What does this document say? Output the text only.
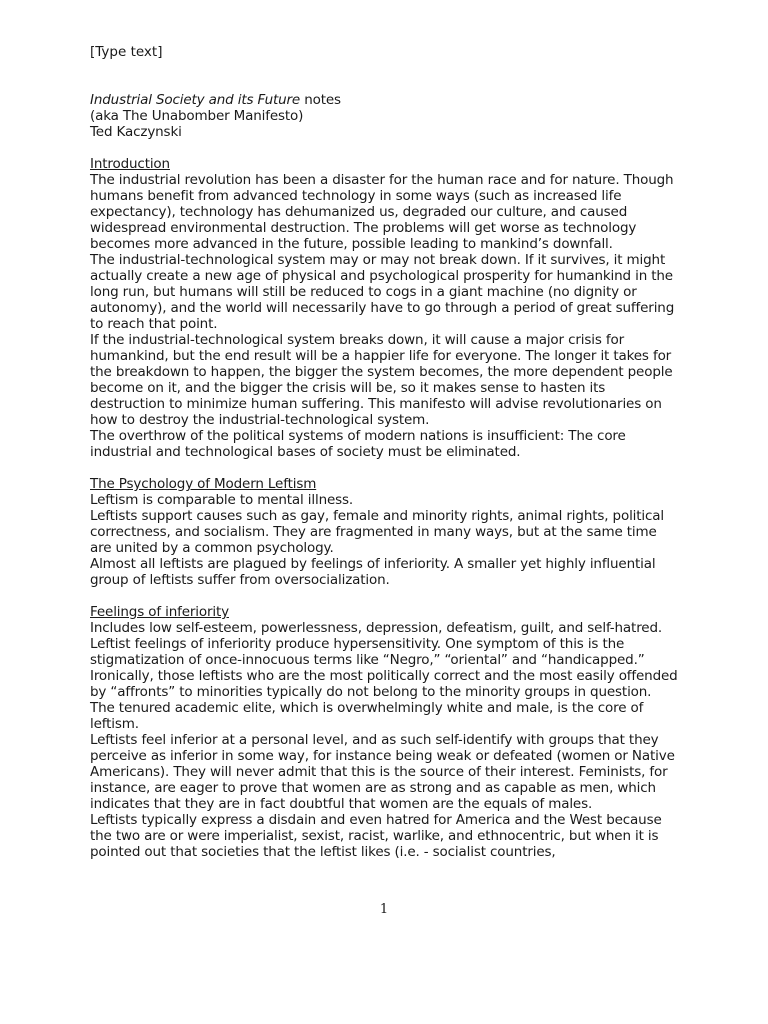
[Type text]

Industrial Society and its Future notes

(aka The Unabomber Manifesto)

Ted Kaczynski

Introduction

The industrial revolution has been a disaster for the human race and for nature. Though humans benefit from advanced technology in some ways (such as increased life expectancy), technology has dehumanized us, degraded our culture, and caused widespread environmental destruction. The problems will get worse as technology becomes more advanced in the future, possible leading to mankind’s downfall.

The industrial-technological system may or may not break down. If it survives, it might actually create a new age of physical and psychological prosperity for humankind in the long run, but humans will still be reduced to cogs in a giant machine (no dignity or autonomy), and the world will necessarily have to go through a period of great suffering to reach that point.

If the industrial-technological system breaks down, it will cause a major crisis for humankind, but the end result will be a happier life for everyone. The longer it takes for the breakdown to happen, the bigger the system becomes, the more dependent people become on it, and the bigger the crisis will be, so it makes sense to hasten its destruction to minimize human suffering. This manifesto will advise revolutionaries on how to destroy the industrial-technological system.

The overthrow of the political systems of modern nations is insufficient: The core industrial and technological bases of society must be eliminated.

The Psychology of Modern Leftism

Leftism is comparable to mental illness.

Leftists support causes such as gay, female and minority rights, animal rights, political correctness, and socialism. They are fragmented in many ways, but at the same time are united by a common psychology.

Almost all leftists are plagued by feelings of inferiority. A smaller yet highly influential group of leftists suffer from oversocialization.

Feelings of inferiority

Includes low self-esteem, powerlessness, depression, defeatism, guilt, and self-hatred.

Leftist feelings of inferiority produce hypersensitivity. One symptom of this is the stigmatization of once-innocuous terms like “Negro,” “oriental” and “handicapped.” Ironically, those leftists who are the most politically correct and the most easily offended by “affronts” to minorities typically do not belong to the minority groups in question. The tenured academic elite, which is overwhelmingly white and male, is the core of leftism.

Leftists feel inferior at a personal level, and as such self-identify with groups that they perceive as inferior in some way, for instance being weak or defeated (women or Native Americans). They will never admit that this is the source of their interest. Feminists, for instance, are eager to prove that women are as strong and as capable as men, which indicates that they are in fact doubtful that women are the equals of males.

Leftists typically express a disdain and even hatred for America and the West because the two are or were imperialist, sexist, racist, warlike, and ethnocentric, but when it is pointed out that societies that the leftist likes (i.e. - socialist countries,

1
